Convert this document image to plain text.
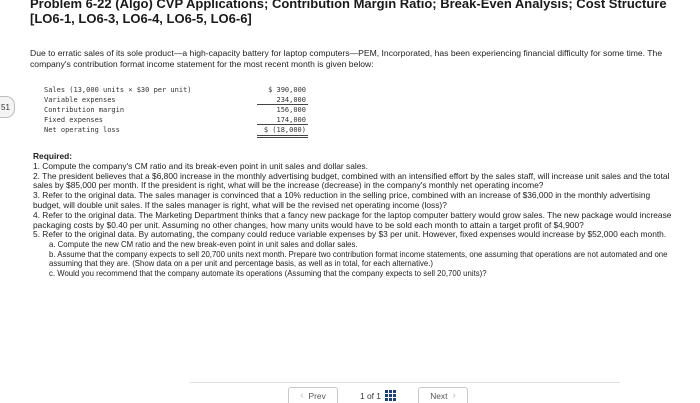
Problem 6-22 (Algo) CVP Applications; Contribution Margin Ratio; Break-Even Analysis; Cost Structure [LO6-1, LO6-3, LO6-4, LO6-5, LO6-6]
51
Due to erratic sales of its sole product—a high-capacity battery for laptop computers—PEM, Incorporated, has been experiencing financial difficulty for some time. The company's contribution format income statement for the most recent month is given below:
Sales (13,000 units × $30 per unit)	$ 390,000
Variable expenses	234,000
Contribution margin	156,000
Fixed expenses	174,000
Net operating loss	$ (18,000)
Required:
1. Compute the company's CM ratio and its break-even point in unit sales and dollar sales.
2. The president believes that a $6,800 increase in the monthly advertising budget, combined with an intensified effort by the sales staff, will increase unit sales and the total sales by $85,000 per month. If the president is right, what will be the increase (decrease) in the company's monthly net operating income?
3. Refer to the original data. The sales manager is convinced that a 10% reduction in the selling price, combined with an increase of $36,000 in the monthly advertising budget, will double unit sales. If the sales manager is right, what will be the revised net operating income (loss)?
4. Refer to the original data. The Marketing Department thinks that a fancy new package for the laptop computer battery would grow sales. The new package would increase packaging costs by $0.40 per unit. Assuming no other changes, how many units would have to be sold each month to attain a target profit of $4,900?
5. Refer to the original data. By automating, the company could reduce variable expenses by $3 per unit. However, fixed expenses would increase by $52,000 each month.
a. Compute the new CM ratio and the new break-even point in unit sales and dollar sales.
b. Assume that the company expects to sell 20,700 units next month. Prepare two contribution format income statements, one assuming that operations are not automated and one assuming that they are. (Show data on a per unit and percentage basis, as well as in total, for each alternative.)
c. Would you recommend that the company automate its operations (Assuming that the company expects to sell 20,700 units)?
‹ Prev	1 of 1	Next ›
